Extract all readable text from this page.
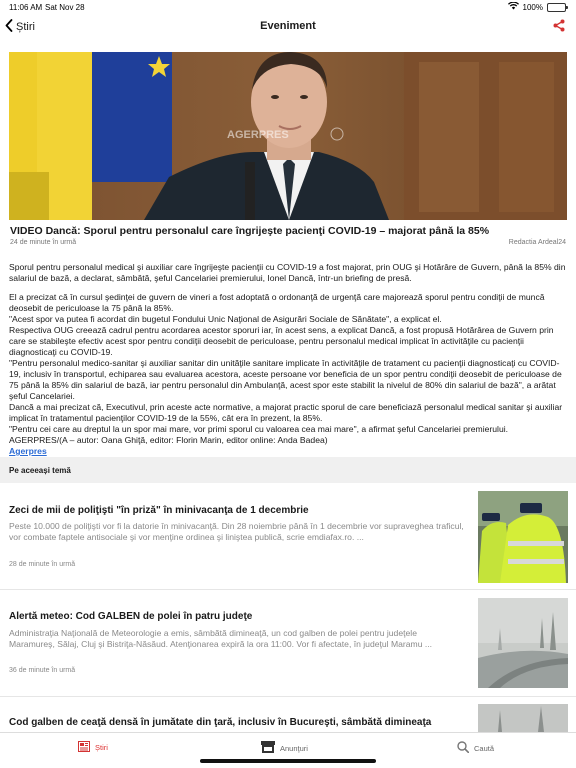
11:06 AM Sat Nov 28	100%
Știri	Eveniment
AGERPRES
VIDEO Dancă: Sporul pentru personalul care îngrijeşte pacienţi COVID-19 – majorat până la 85%
24 de minute în urmă	Redactia Ardeal24

Sporul pentru personalul medical şi auxiliar care îngrijeşte pacienţii cu COVID-19 a fost majorat, prin OUG şi Hotărâre de Guvern, până la 85% din salariul de bază, a declarat, sâmbătă, şeful Cancelariei premierului, Ionel Dancă, într-un briefing de presă.

El a precizat că în cursul şedinţei de guvern de vineri a fost adoptată o ordonanţă de urgenţă care majorează sporul pentru condiţii de muncă deosebit de periculoase la 75 până la 85%.

"Acest spor va putea fi acordat din bugetul Fondului Unic Naţional de Asigurări Sociale de Sănătate", a explicat el.

Respectiva OUG creează cadrul pentru acordarea acestor sporuri iar, în acest sens, a explicat Dancă, a fost propusă Hotărârea de Guvern prin care se stabileşte efectiv acest spor pentru condiţii deosebit de periculoase, pentru personalul medical implicat în activităţile cu pacienţii diagnosticaţi cu COVID-19.

"Pentru personalul medico-sanitar şi auxiliar sanitar din unităţile sanitare implicate în activităţile de tratament cu pacienţii diagnosticaţi cu COVID-19, inclusiv în transportul, echiparea sau evaluarea acestora, aceste persoane vor beneficia de un spor pentru condiţii deosebit de periculoase de 75 până la 85% din salariul de bază, iar pentru personalul din Ambulanţă, acest spor este stabilit la nivelul de 80% din salariul de bază", a arătat şeful Cancelariei.

Dancă a mai precizat că, Executivul, prin aceste acte normative, a majorat practic sporul de care beneficiază personalul medical sanitar şi auxiliar implicat în tratamentul pacienţilor COVID-19 de la 55%, cât era în prezent, la 85%.

"Pentru cei care au dreptul la un spor mai mare, vor primi sporul cu valoarea cea mai mare", a afirmat şeful Cancelariei premierului.

AGERPRES/(A – autor: Oana Ghiţă, editor: Florin Marin, editor online: Anda Badea)

Agerpres
Pe aceeași temă
Zeci de mii de poliţişti "în priză" în minivacanţa de 1 decembrie
Peste 10.000 de poliţişti vor fi la datorie în minivacanţă. Din 28 noiembrie până în 1 decembrie vor supraveghea traficul, vor combate faptele antisociale şi vor menţine ordinea şi liniştea publică, scrie emdiafax.ro. ...
28 de minute în urmă
Alertă meteo: Cod GALBEN de polei în patru judeţe
Administraţia Naţională de Meteorologie a emis, sâmbătă dimineaţă, un cod galben de polei pentru judeţele Maramureş, Sălaj, Cluj şi Bistriţa-Năsăud. Atenţionarea expiră la ora 11:00. Vor fi afectate, în judeţul Maramu ...
36 de minute în urmă
Cod galben de ceaţă densă în jumătate din ţară, inclusiv în Bucureşti, sâmbătă dimineaţa
Știri	Anunţuri	Caută
